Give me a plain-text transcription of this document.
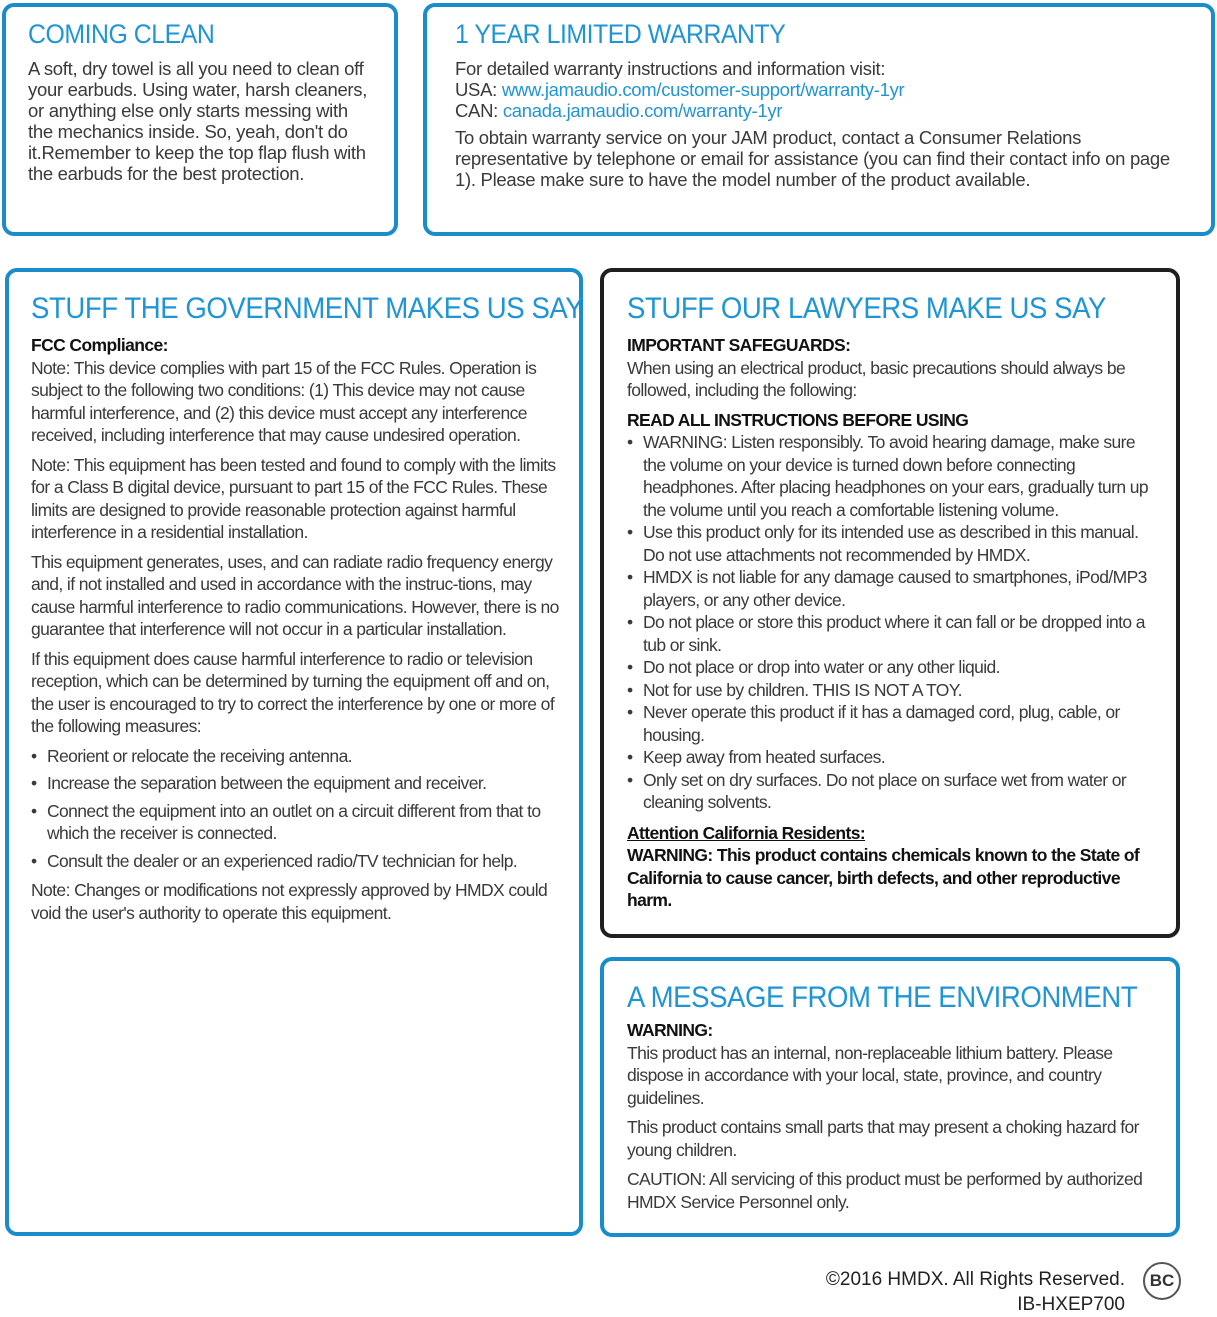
COMING CLEAN

A soft, dry towel is all you need to clean off your earbuds. Using water, harsh cleaners, or anything else only starts messing with the mechanics inside. So, yeah, don't do it.Remember to keep the top flap flush with the earbuds for the best protection.

1 YEAR LIMITED WARRANTY
For detailed warranty instructions and information visit:
USA: www.jamaudio.com/customer-support/warranty-1yr
CAN: canada.jamaudio.com/warranty-1yr

To obtain warranty service on your JAM product, contact a Consumer Relations representative by telephone or email for assistance (you can find their contact info on page 1). Please make sure to have the model number of the product available.

STUFF THE GOVERNMENT MAKES US SAY
FCC Compliance:

Note: This device complies with part 15 of the FCC Rules. Operation is subject to the following two conditions: (1) This device may not cause harmful interference, and (2) this device must accept any interference received, including interference that may cause undesired operation.

Note: This equipment has been tested and found to comply with the limits for a Class B digital device, pursuant to part 15 of the FCC Rules. These limits are designed to provide reasonable protection against harmful interference in a residential installation.

This equipment generates, uses, and can radiate radio frequency energy and, if not installed and used in accordance with the instruc-tions, may cause harmful interference to radio communications. However, there is no guarantee that interference will not occur in a particular installation.

If this equipment does cause harmful interference to radio or television reception, which can be determined by turning the equipment off and on, the user is encouraged to try to correct the interference by one or more of the following measures:

• Reorient or relocate the receiving antenna.
• Increase the separation between the equipment and receiver.
• Connect the equipment into an outlet on a circuit different from that to which the receiver is connected.
• Consult the dealer or an experienced radio/TV technician for help.

Note: Changes or modifications not expressly approved by HMDX could void the user's authority to operate this equipment.

STUFF OUR LAWYERS MAKE US SAY
IMPORTANT SAFEGUARDS:

When using an electrical product, basic precautions should always be followed, including the following:

READ ALL INSTRUCTIONS BEFORE USING
• WARNING: Listen responsibly. To avoid hearing damage, make sure the volume on your device is turned down before connecting headphones. After placing headphones on your ears, gradually turn up the volume until you reach a comfortable listening volume.
• Use this product only for its intended use as described in this manual. Do not use attachments not recommended by HMDX.
• HMDX is not liable for any damage caused to smartphones, iPod/MP3 players, or any other device.
• Do not place or store this product where it can fall or be dropped into a tub or sink.
• Do not place or drop into water or any other liquid.
• Not for use by children. THIS IS NOT A TOY.
• Never operate this product if it has a damaged cord, plug, cable, or housing.
• Keep away from heated surfaces.
• Only set on dry surfaces. Do not place on surface wet from water or cleaning solvents.
Attention California Residents:

WARNING: This product contains chemicals known to the State of California to cause cancer, birth defects, and other reproductive harm.

A MESSAGE FROM THE ENVIRONMENT
WARNING:

This product has an internal, non-replaceable lithium battery. Please dispose in accordance with your local, state, province, and country guidelines.

This product contains small parts that may present a choking hazard for young children.

CAUTION: All servicing of this product must be performed by authorized HMDX Service Personnel only.

©2016 HMDX. All Rights Reserved.
IB-HXEP700
BC
